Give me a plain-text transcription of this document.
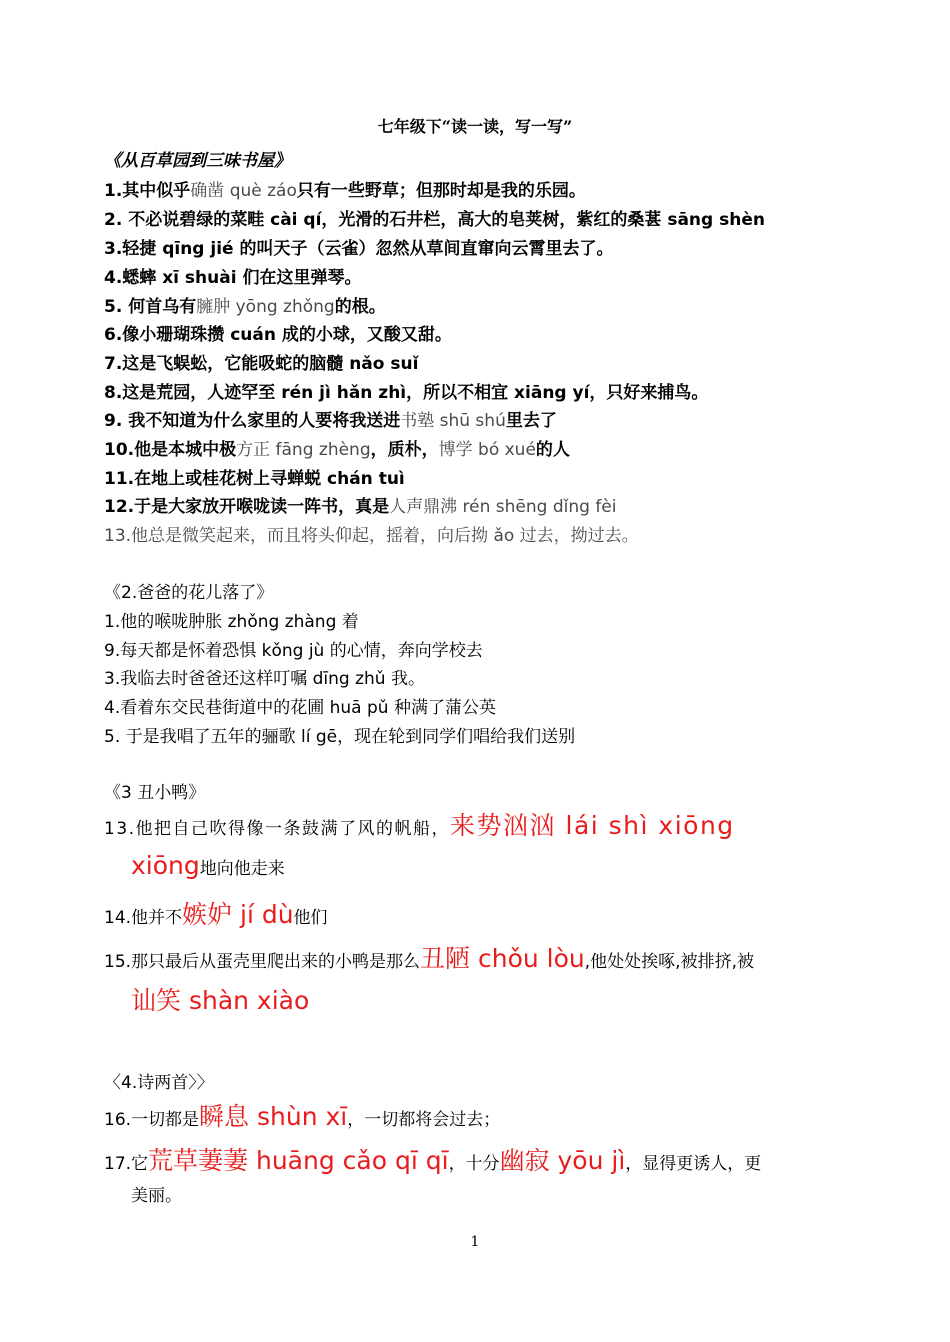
七年级下“读一读，写一写”
《从百草园到三味书屋》
1.其中似乎确凿 què záo只有一些野草；但那时却是我的乐园。
2. 不必说碧绿的菜畦 cài qí，光滑的石井栏，高大的皂荚树，紫红的桑葚 sāng shèn
3.轻捷 qīng jié 的叫天子（云雀）忽然从草间直窜向云霄里去了。
4.蟋蟀 xī shuài 们在这里弹琴。
5. 何首乌有臃肿 yōng zhǒng的根。
6.像小珊瑚珠攒 cuán 成的小球，又酸又甜。
7.这是飞蜈蚣，它能吸蛇的脑髓 nǎo suǐ
8.这是荒园，人迹罕至 rén jì hǎn zhì，所以不相宜 xiāng yí，只好来捕鸟。
9. 我不知道为什么家里的人要将我送进书塾 shū shú里去了
10.他是本城中极方正 fāng zhèng，质朴，博学 bó xué的人
11.在地上或桂花树上寻蝉蜕 chán tuì
12.于是大家放开喉咙读一阵书，真是人声鼎沸 rén shēng dǐng fèi
13.他总是微笑起来，而且将头仰起，摇着，向后拗 ǎo 过去，拗过去。
《2.爸爸的花儿落了》
1.他的喉咙肿胀 zhǒng zhàng 着
9.每天都是怀着恐惧 kǒng jù 的心情，奔向学校去
3.我临去时爸爸还这样叮嘱 dīng zhǔ 我。
4.看着东交民巷街道中的花圃 huā pǔ 种满了蒲公英
5. 于是我唱了五年的骊歌 lí gē，现在轮到同学们唱给我们送别
《3 丑小鸭》
13.他把自己吹得像一条鼓满了风的帆船，来势汹汹 lái shì xiōng
xiōng地向他走来
14.他并不嫉妒 jí dù他们
15.那只最后从蛋壳里爬出来的小鸭是那么丑陋 chǒu lòu,他处处挨啄,被排挤,被
讪笑 shàn xiào
〈4.诗两首〉〉
16.一切都是瞬息 shùn xī，一切都将会过去；
17.它荒草萋萋 huāng cǎo qī qī，十分幽寂 yōu jì，显得更诱人，更
美丽。
1
